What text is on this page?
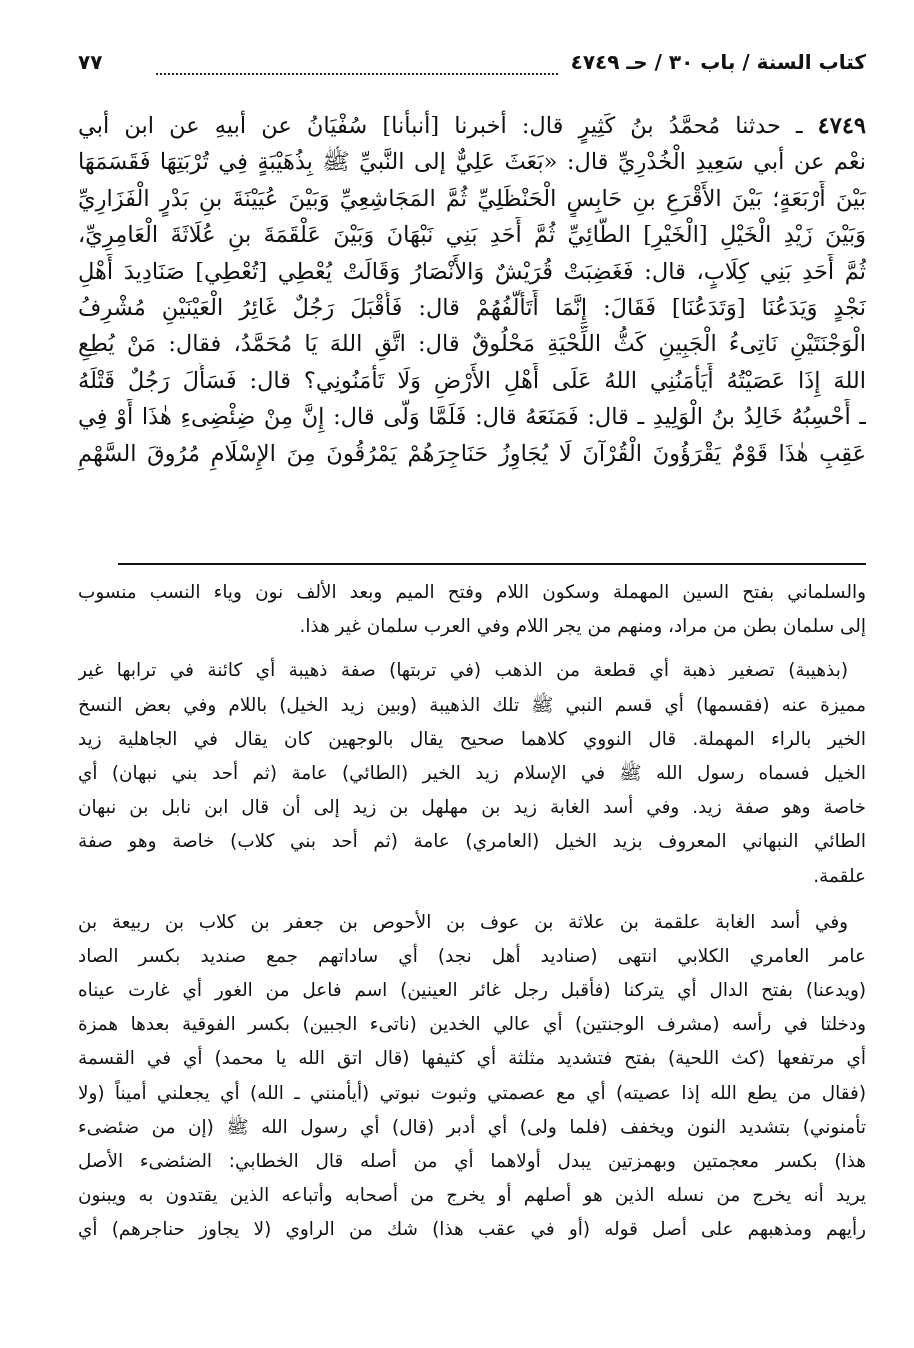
كتاب السنة / باب ٣٠ / حـ ٤٧٤٩
٧٧
٤٧٤٩ ـ حدثنا مُحمَّدُ بنُ كَثِيرٍ قال: أخبرنا [أنبأنا] سُفْيَانُ عن أبيهِ عن ابن أبي
نعْم عن أبي سَعِيدِ الْخُدْرِيِّ قال: «بَعَثَ عَلِيٌّ إلى النَّبيِّ ﷺ بِذُهَيْبَةٍ فِي تُرْبَتِهَا فَقَسَمَهَا
بَيْنَ أَرْبَعَةٍ؛ بَيْنَ الأَقْرَعِ بنِ حَابِسٍ الْحَنْظَلِيِّ ثُمَّ المَجَاشِعِيِّ وَبَيْنَ عُيَيْنَةَ بنِ بَدْرٍ الْفَزَارِيِّ
وَبَيْنَ زَيْدِ الْخَيْلِ [الْخَيْرِ] الطَّائِيِّ ثُمَّ أَحَدِ بَنِي نَبْهَانَ وَبَيْنَ عَلْقَمَةَ بنِ عُلَاثَةَ الْعَامِرِيِّ،
ثُمَّ أَحَدِ بَنِي كِلَابٍ، قال: فَغَضِبَتْ قُرَيْشٌ وَالأَنْصَارُ وَقَالَتْ يُعْطِي [تُعْطِي] صَنَادِيدَ أَهْلِ
نَجْدٍ وَيَدَعُنَا [وَتَدَعُنَا] فَقَالَ: إِنَّمَا أَتَأَلَّفُهُمْ قال: فَأَقْبَلَ رَجُلٌ غَائِرُ الْعَيْنَيْنِ مُشْرِفُ
الْوَجْنَتَيْنِ نَاتِىءُ الْجَبِينِ كَثُّ اللِّحْيَةِ مَحْلُوقٌ قال: اتَّقِ اللهَ يَا مُحَمَّدُ، فقال: مَنْ يُطِعِ
اللهَ إِذَا عَصَيْتُهُ أَيَأْمَنُنِي اللهُ عَلَى أَهْلِ الأَرْضِ وَلَا تَأْمَنُونِي؟ قال: فَسَأَلَ رَجُلٌ قَتْلَهُ
ـ أَحْسِبُهُ خَالِدُ بنُ الْوَلِيدِ ـ قال: فَمَنَعَهُ قال: فَلَمَّا وَلَّى قال: إِنَّ مِنْ ضِئْضِىءِ هٰذَا أَوْ فِي
عَقِبِ هٰذَا قَوْمٌ يَقْرَؤُونَ الْقُرْآنَ لَا يُجَاوِزُ حَنَاجِرَهُمْ يَمْرُقُونَ مِنَ الإِسْلَامِ مُرُوقَ السَّهْمِ
والسلماني بفتح السين المهملة وسكون اللام وفتح الميم وبعد الألف نون وياء النسب منسوب
إلى سلمان بطن من مراد، ومنهم من يجر اللام وفي العرب سلمان غير هذا.
(بذهيبة) تصغير ذهبة أي قطعة من الذهب (في تربتها) صفة ذهيبة أي كائنة في ترابها غير
مميزة عنه (فقسمها) أي قسم النبي ﷺ تلك الذهيبة (وبين زيد الخيل) باللام وفي بعض النسخ
الخير بالراء المهملة. قال النووي كلاهما صحيح يقال بالوجهين كان يقال في الجاهلية زيد
الخيل فسماه رسول الله ﷺ في الإسلام زيد الخير (الطائي) عامة (ثم أحد بني نبهان) أي
خاصة وهو صفة زيد. وفي أسد الغابة زيد بن مهلهل بن زيد إلى أن قال ابن نابل بن نبهان
الطائي النبهاني المعروف بزيد الخيل (العامري) عامة (ثم أحد بني كلاب) خاصة وهو صفة
علقمة.
وفي أسد الغابة علقمة بن علاثة بن عوف بن الأحوص بن جعفر بن كلاب بن ربيعة بن
عامر العامري الكلابي انتهى (صناديد أهل نجد) أي ساداتهم جمع صنديد بكسر الصاد
(ويدعنا) بفتح الدال أي يتركنا (فأقبل رجل غائر العينين) اسم فاعل من الغور أي غارت عيناه
ودخلتا في رأسه (مشرف الوجنتين) أي عالي الخدين (ناتىء الجبين) بكسر الفوقية بعدها همزة
أي مرتفعها (كث اللحية) بفتح فتشديد مثلثة أي كثيفها (قال اتق الله يا محمد) أي في القسمة
(فقال من يطع الله إذا عصيته) أي مع عصمتي وثبوت نبوتي (أيأمنني ـ الله) أي يجعلني أميناً (ولا
تأمنوني) بتشديد النون ويخفف (فلما ولى) أي أدبر (قال) أي رسول الله ﷺ (إن من ضئضىء
هذا) بكسر معجمتين وبهمزتين يبدل أولاهما أي من أصله قال الخطابي: الضئضىء الأصل
يريد أنه يخرج من نسله الذين هو أصلهم أو يخرج من أصحابه وأتباعه الذين يقتدون به ويبنون
رأيهم ومذهبهم على أصل قوله (أو في عقب هذا) شك من الراوي (لا يجاوز حناجرهم) أي
